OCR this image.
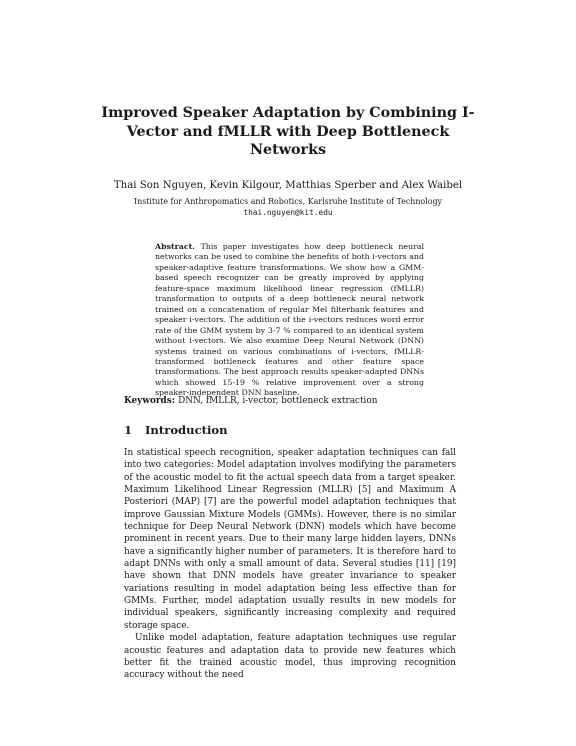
Improved Speaker Adaptation by Combining I-Vector and fMLLR with Deep Bottleneck Networks
Thai Son Nguyen, Kevin Kilgour, Matthias Sperber and Alex Waibel
Institute for Anthropomatics and Robotics, Karlsruhe Institute of Technology
thai.nguyen@kit.edu
Abstract. This paper investigates how deep bottleneck neural networks can be used to combine the benefits of both i-vectors and speaker-adaptive feature transformations. We show how a GMM-based speech recognizer can be greatly improved by applying feature-space maximum likelihood linear regression (fMLLR) transformation to outputs of a deep bottleneck neural network trained on a concatenation of regular Mel filterbank features and speaker i-vectors. The addition of the i-vectors reduces word error rate of the GMM system by 3-7 % compared to an identical system without i-vectors. We also examine Deep Neural Network (DNN) systems trained on various combinations of i-vectors, fMLLR-transformed bottleneck features and other feature space transformations. The best approach results speaker-adapted DNNs which showed 15-19 % relative improvement over a strong speaker-independent DNN baseline.
Keywords: DNN, fMLLR, i-vector, bottleneck extraction
1 Introduction

In statistical speech recognition, speaker adaptation techniques can fall into two categories: Model adaptation involves modifying the parameters of the acoustic model to fit the actual speech data from a target speaker. Maximum Likelihood Linear Regression (MLLR) [5] and Maximum A Posteriori (MAP) [7] are the powerful model adaptation techniques that improve Gaussian Mixture Models (GMMs). However, there is no similar technique for Deep Neural Network (DNN) models which have become prominent in recent years. Due to their many large hidden layers, DNNs have a significantly higher number of parameters. It is therefore hard to adapt DNNs with only a small amount of data. Several studies [11] [19] have shown that DNN models have greater invariance to speaker variations resulting in model adaptation being less effective than for GMMs. Further, model adaptation usually results in new models for individual speakers, significantly increasing complexity and required storage space.

Unlike model adaptation, feature adaptation techniques use regular acoustic features and adaptation data to provide new features which better fit the trained acoustic model, thus improving recognition accuracy without the need
